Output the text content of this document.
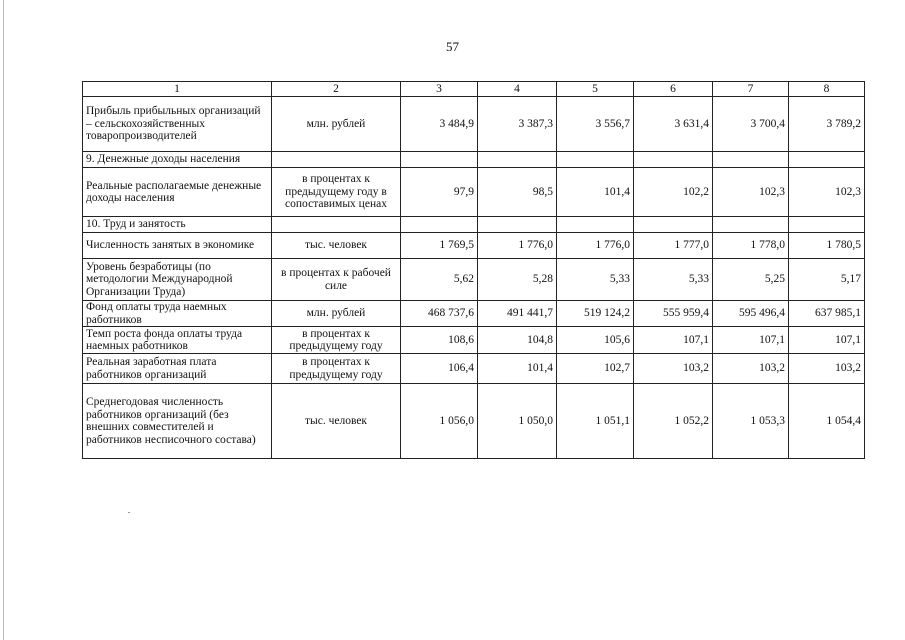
57
1	2	3	4	5	6	7	8
Прибыль прибыльных организаций – сельскохозяйственных товаропроизводителей	млн. рублей	3 484,9	3 387,3	3 556,7	3 631,4	3 700,4	3 789,2
9. Денежные доходы населения							
Реальные располагаемые денежные доходы населения	в процентах к предыдущему году в сопоставимых ценах	97,9	98,5	101,4	102,2	102,3	102,3
10. Труд и занятость							
Численность занятых в экономике	тыс. человек	1 769,5	1 776,0	1 776,0	1 777,0	1 778,0	1 780,5
Уровень безработицы (по методологии Международной Организации Труда)	в процентах к рабочей силе	5,62	5,28	5,33	5,33	5,25	5,17
Фонд оплаты труда наемных работников	млн. рублей	468 737,6	491 441,7	519 124,2	555 959,4	595 496,4	637 985,1
Темп роста фонда оплаты труда наемных работников	в процентах к предыдущему году	108,6	104,8	105,6	107,1	107,1	107,1
Реальная заработная плата работников организаций	в процентах к предыдущему году	106,4	101,4	102,7	103,2	103,2	103,2
Среднегодовая численность работников организаций (без внешних совместителей и работников несписочного состава)	тыс. человек	1 056,0	1 050,0	1 051,1	1 052,2	1 053,3	1 054,4
